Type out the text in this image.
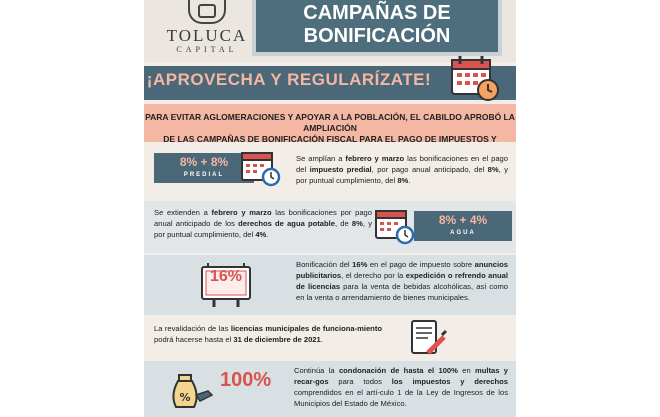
TOLUCA
CAPITAL
CAMPAÑAS DE
BONIFICACIÓN
¡APROVECHA Y REGULARÍZATE!
PARA EVITAR AGLOMERACIONES Y APOYAR A LA POBLACIÓN, EL CABILDO APROBÓ LA AMPLIACIÓN
DE LAS CAMPAÑAS DE BONIFICACIÓN FISCAL PARA EL PAGO DE IMPUESTOS Y
8% + 8%
PREDIAL
Se amplían a febrero y marzo las bonificaciones en el pago del impuesto predial, por pago anual anticipado, del 8%, y por puntual cumplimiento, del 8%.
Se extienden a febrero y marzo las bonificaciones por pago anual anticipado de los derechos de agua potable, de 8%, y por puntual cumplimiento, del 4%.
8% + 4%
AGUA
16%
Bonificación del 16% en el pago de impuesto sobre anuncios publicitarios, el derecho por la expedición o refrendo anual de licencias para la venta de bebidas alcohólicas, así como en la venta o arrendamiento de bienes municipales.
La revalidación de las licencias municipales de funciona-miento podrá hacerse hasta el 31 de diciembre de 2021.
%
100%	Continúa la condonación de hasta el 100% en multas y recar-gos para todos los impuestos y derechos comprendidos en el artí-culo 1 de la Ley de Ingresos de los Municipios del Estado de México.
